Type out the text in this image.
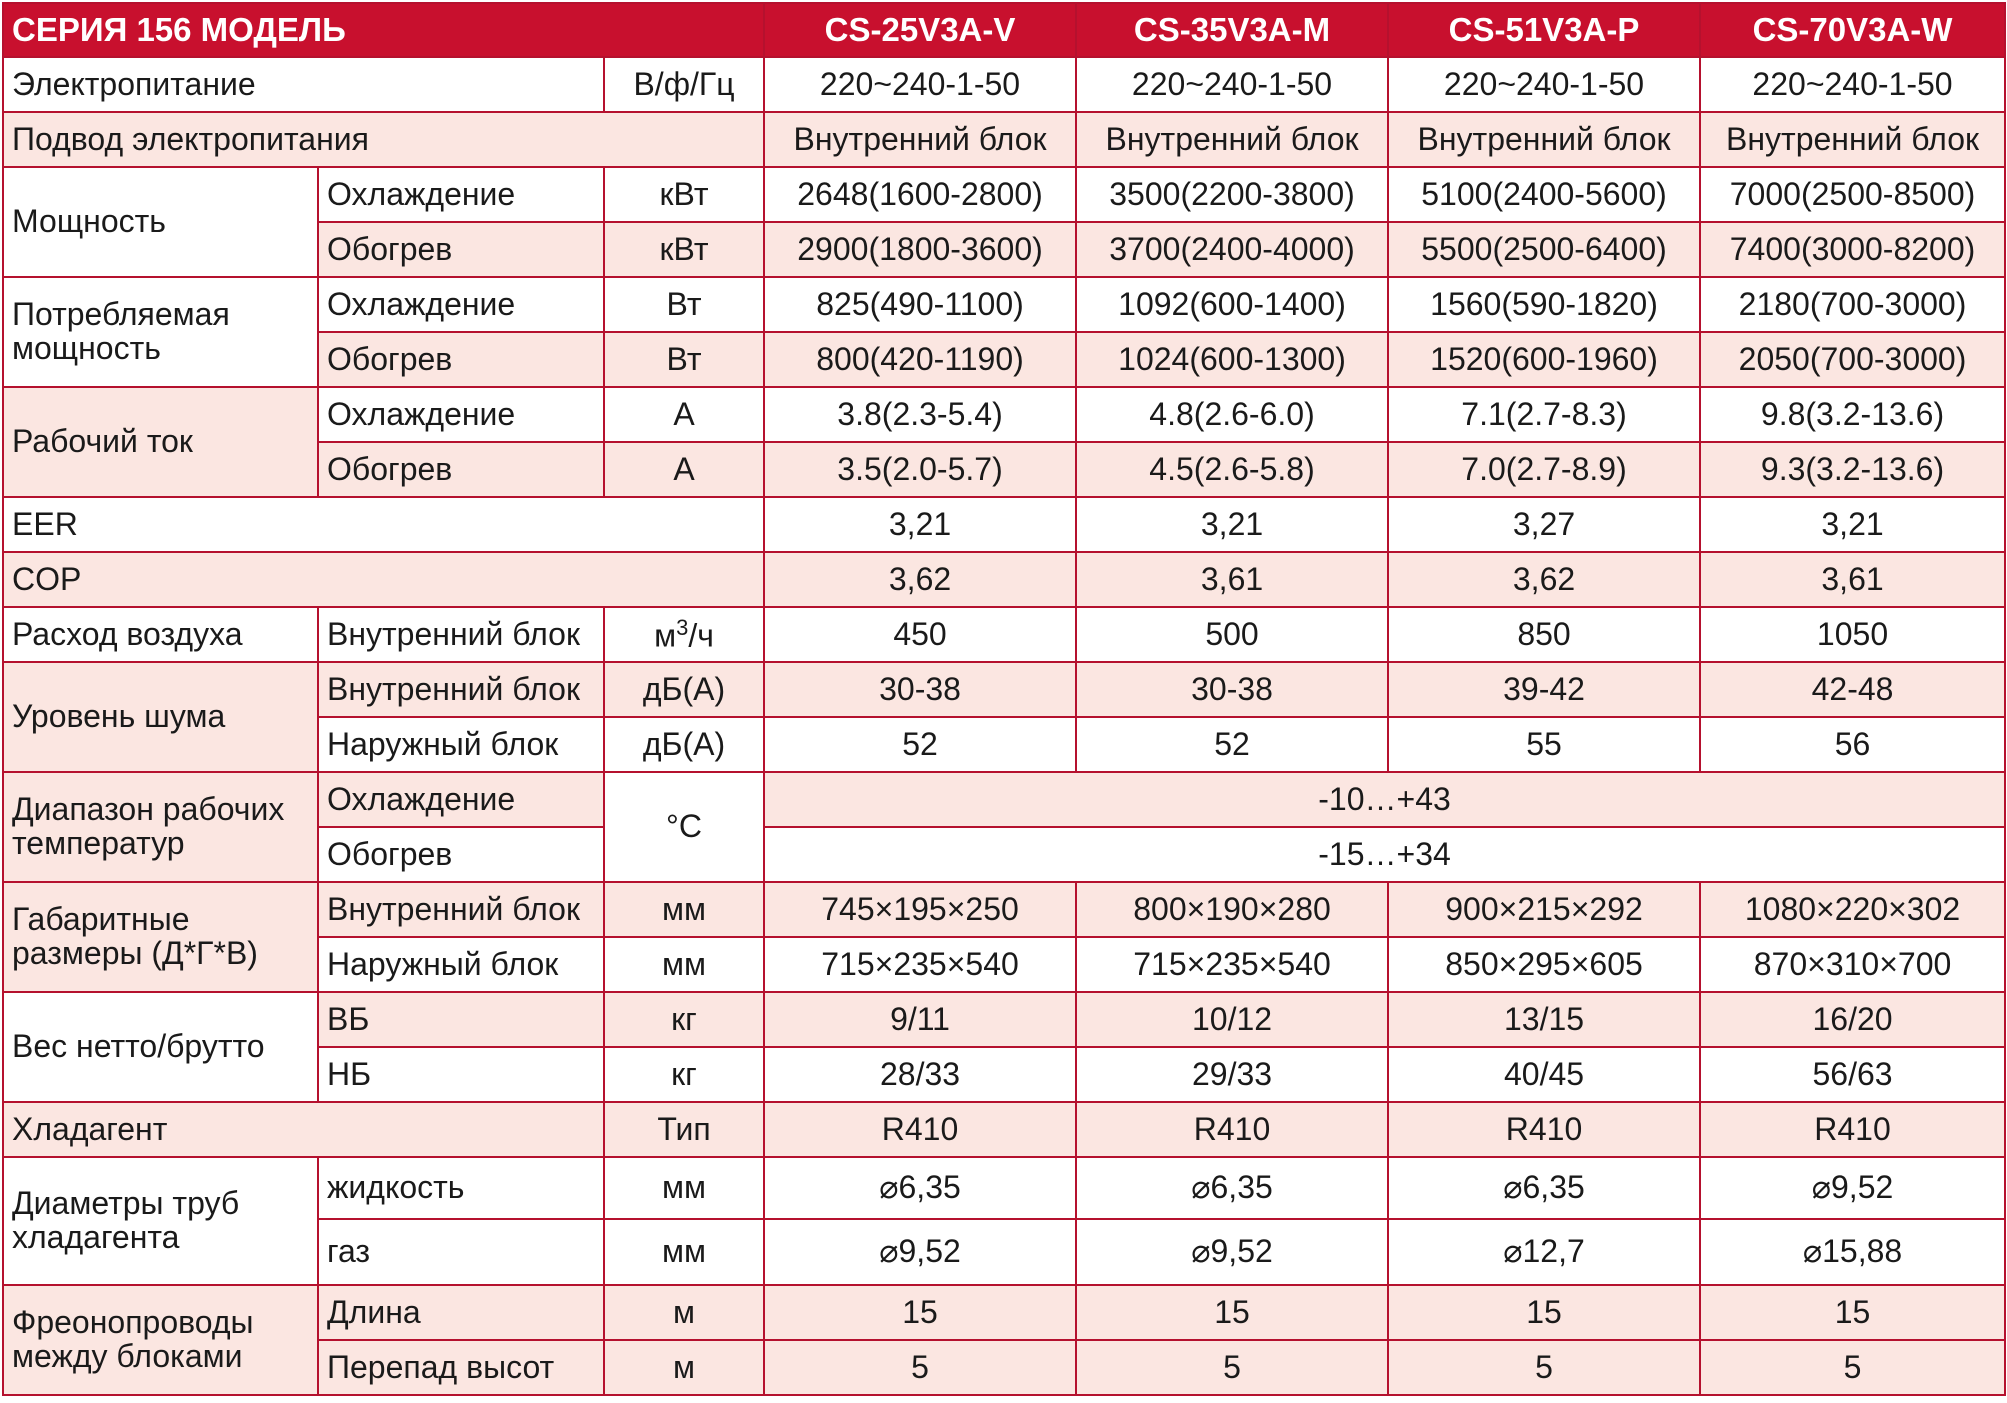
СЕРИЯ 156 МОДЕЛЬ			CS-25V3A-V	CS-35V3A-M	CS-51V3A-P	CS-70V3A-W
Электропитание		В/ф/Гц	220~240-1-50	220~240-1-50	220~240-1-50	220~240-1-50
Подвод электропитания			Внутренний блок	Внутренний блок	Внутренний блок	Внутренний блок
Мощность	Охлаждение	кВт	2648(1600-2800)	3500(2200-3800)	5100(2400-5600)	7000(2500-8500)
	Обогрев	кВт	2900(1800-3600)	3700(2400-4000)	5500(2500-6400)	7400(3000-8200)
Потребляемая мощность	Охлаждение	Вт	825(490-1100)	1092(600-1400)	1560(590-1820)	2180(700-3000)
	Обогрев	Вт	800(420-1190)	1024(600-1300)	1520(600-1960)	2050(700-3000)
Рабочий ток	Охлаждение	А	3.8(2.3-5.4)	4.8(2.6-6.0)	7.1(2.7-8.3)	9.8(3.2-13.6)
	Обогрев	А	3.5(2.0-5.7)	4.5(2.6-5.8)	7.0(2.7-8.9)	9.3(3.2-13.6)
EER			3,21	3,21	3,27	3,21
COP			3,62	3,61	3,62	3,61
Расход воздуха	Внутренний блок	$м^3/ч$	450	500	850	1050
Уровень шума	Внутренний блок	дБ(А)	30-38	30-38	39-42	42-48
	Наружный блок	дБ(А)	52	52	55	56
Диапазон рабочих температур	Охлаждение	°С	-10…+43			
	Обогрев		-15…+34			
Габаритные размеры (Д*Г*В)	Внутренний блок	мм	745×195×250	800×190×280	900×215×292	1080×220×302
	Наружный блок	мм	715×235×540	715×235×540	850×295×605	870×310×700
Вес нетто/брутто	ВБ	кг	9/11	10/12	13/15	16/20
	НБ	кг	28/33	29/33	40/45	56/63
Хладагент		Тип	R410	R410	R410	R410
Диаметры труб хладагента	жидкость	мм	⌀6,35	⌀6,35	⌀6,35	⌀9,52
	газ	мм	⌀9,52	⌀9,52	⌀12,7	⌀15,88
Фреонопроводы между блоками	Длина	м	15	15	15	15
	Перепад высот	м	5	5	5	5
